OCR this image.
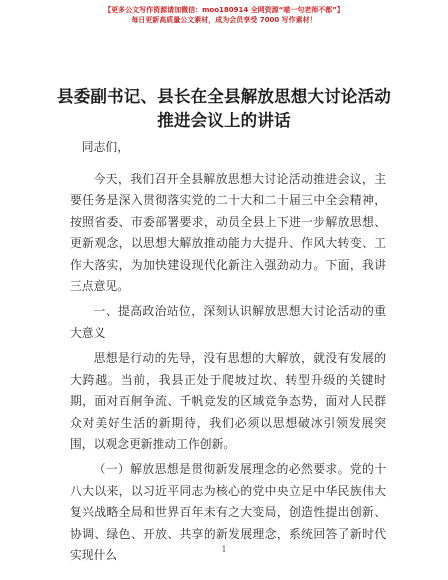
【更多公文写作资源请加微信：moo180914 全网资源“喵一句老师不都”】
每日更新高质量公文素材，成为会员享受 7000 写作素材！
县委副书记、县长在全县解放思想大讨论活动
推进会议上的讲话

同志们，

今天，我们召开全县解放思想大讨论活动推进会议，主要任务是深入贯彻落实党的二十大和二十届三中全会精神，按照省委、市委部署要求，动员全县上下进一步解放思想、更新观念，以思想大解放推动能力大提升、作风大转变、工作大落实，为加快建设现代化新注入强劲动力。下面，我讲三点意见。

一、提高政治站位，深刻认识解放思想大讨论活动的重大意义

思想是行动的先导，没有思想的大解放，就没有发展的大跨越。当前，我县正处于爬坡过坎、转型升级的关键时期，面对百舸争流、千帆竞发的区域竞争态势，面对人民群众对美好生活的新期待，我们必须以思想破冰引领发展突围，以观念更新推动工作创新。

（一）解放思想是贯彻新发展理念的必然要求。党的十八大以来，以习近平同志为核心的党中央立足中华民族伟大复兴战略全局和世界百年未有之大变局，创造性提出创新、协调、绿色、开放、共享的新发展理念，系统回答了新时代实现什么	1
